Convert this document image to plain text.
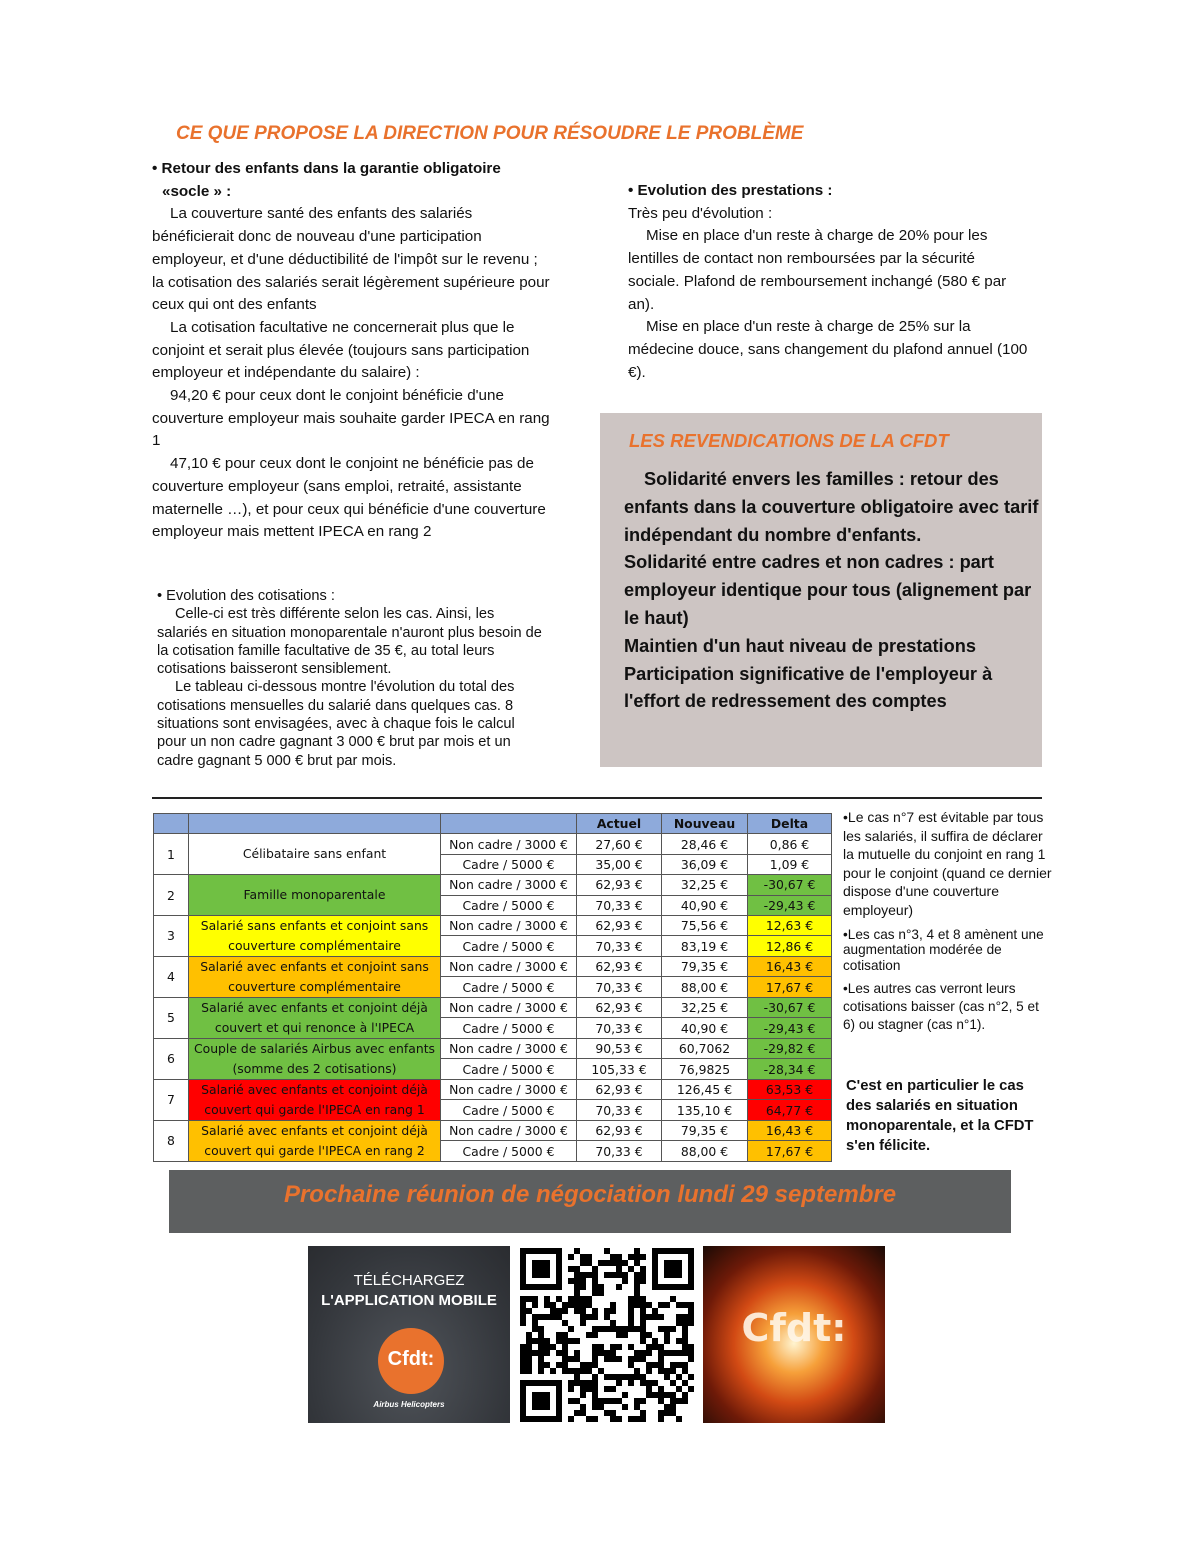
CE QUE PROPOSE LA DIRECTION POUR RÉSOUDRE LE PROBLÈME
• Retour des enfants dans la garantie obligatoire
«socle » :

La couverture santé des enfants des salariés bénéficierait donc de nouveau d'une participation employeur, et d'une déductibilité de l'impôt sur le revenu ; la cotisation des salariés serait légèrement supérieure pour ceux qui ont des enfants

La cotisation facultative ne concernerait plus que le conjoint et serait plus élevée (toujours sans participation employeur et indépendante du salaire) :

94,20 € pour ceux dont le conjoint bénéficie d'une couverture employeur mais souhaite garder IPECA en rang 1

47,10 € pour ceux dont le conjoint ne bénéficie pas de couverture employeur (sans emploi, retraité, assistante maternelle …), et pour ceux qui bénéficie d'une couverture employeur mais mettent IPECA en rang 2

• Evolution des cotisations :

Celle-ci est très différente selon les cas. Ainsi, les salariés en situation monoparentale n'auront plus besoin de la cotisation famille facultative de 35 €, au total leurs cotisations baisseront sensiblement.

Le tableau ci-dessous montre l'évolution du total des cotisations mensuelles du salarié dans quelques cas. 8 situations sont envisagées, avec à chaque fois le calcul pour un non cadre gagnant 3 000 € brut par mois et un cadre gagnant 5 000 € brut par mois.

• Evolution des prestations :
Très peu d'évolution :

Mise en place d'un reste à charge de 20% pour les lentilles de contact non remboursées par la sécurité sociale. Plafond de remboursement inchangé (580 € par an).

Mise en place d'un reste à charge de 25% sur la médecine douce, sans changement du plafond annuel (100 €).

LES REVENDICATIONS DE LA CFDT

Solidarité envers les familles : retour des enfants dans la couverture obligatoire avec tarif indépendant du nombre d'enfants.

Solidarité entre cadres et non cadres : part employeur identique pour tous (alignement par le haut)

Maintien d'un haut niveau de prestations

Participation significative de l'employeur à l'effort de redressement des comptes

			Actuel	Nouveau	Delta
1	Célibataire sans enfant	Non cadre / 3000 €	27,60 €	28,46 €	0,86 €
		Cadre / 5000 €	35,00 €	36,09 €	1,09 €
2	Famille monoparentale	Non cadre / 3000 €	62,93 €	32,25 €	-30,67 €
		Cadre / 5000 €	70,33 €	40,90 €	-29,43 €
3	Salarié sans enfants et conjoint sans couverture complémentaire	Non cadre / 3000 €	62,93 €	75,56 €	12,63 €
		Cadre / 5000 €	70,33 €	83,19 €	12,86 €
4	Salarié avec enfants et conjoint sans couverture complémentaire	Non cadre / 3000 €	62,93 €	79,35 €	16,43 €
		Cadre / 5000 €	70,33 €	88,00 €	17,67 €
5	Salarié avec enfants et conjoint déjà couvert et qui renonce à l'IPECA	Non cadre / 3000 €	62,93 €	32,25 €	-30,67 €
		Cadre / 5000 €	70,33 €	40,90 €	-29,43 €
6	Couple de salariés Airbus avec enfants (somme des 2 cotisations)	Non cadre / 3000 €	90,53 €	60,7062	-29,82 €
		Cadre / 5000 €	105,33 €	76,9825	-28,34 €
7	Salarié avec enfants et conjoint déjà couvert qui garde l'IPECA en rang 1	Non cadre / 3000 €	62,93 €	126,45 €	63,53 €
		Cadre / 5000 €	70,33 €	135,10 €	64,77 €
8	Salarié avec enfants et conjoint déjà couvert qui garde l'IPECA en rang 2	Non cadre / 3000 €	62,93 €	79,35 €	16,43 €
		Cadre / 5000 €	70,33 €	88,00 €	17,67 €

•Le cas n°7 est évitable par tous les salariés, il suffira de déclarer la mutuelle du conjoint en rang 1 pour le conjoint (quand ce dernier dispose d'une couverture employeur)

•Les cas n°3, 4 et 8 amènent une augmentation modérée de cotisation

•Les autres cas verront leurs cotisations baisser (cas n°2, 5 et 6) ou stagner (cas n°1).

C'est en particulier le cas des salariés en situation monoparentale, et la CFDT s'en félicite.
Prochaine réunion de négociation lundi 29 septembre
TÉLÉCHARGEZ
L'APPLICATION MOBILE
Cfdt:
Airbus Helicopters
Cfdt:
